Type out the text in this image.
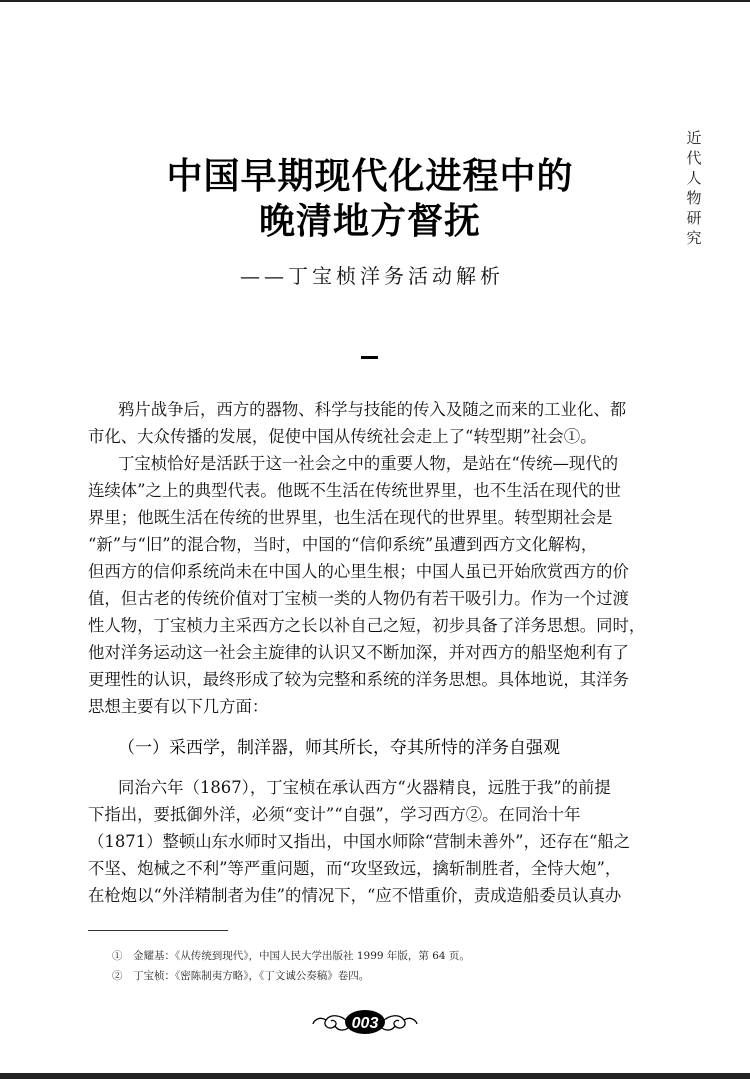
近代人物研究
中国早期现代化进程中的
晚清地方督抚
——丁宝桢洋务活动解析
鸦片战争后，西方的器物、科学与技能的传入及随之而来的工业化、都
市化、大众传播的发展，促使中国从传统社会走上了“转型期”社会①。
丁宝桢恰好是活跃于这一社会之中的重要人物，是站在“传统—现代的
连续体”之上的典型代表。他既不生活在传统世界里，也不生活在现代的世
界里；他既生活在传统的世界里，也生活在现代的世界里。转型期社会是
“新”与“旧”的混合物，当时，中国的“信仰系统”虽遭到西方文化解构，
但西方的信仰系统尚未在中国人的心里生根；中国人虽已开始欣赏西方的价
值，但古老的传统价值对丁宝桢一类的人物仍有若干吸引力。作为一个过渡
性人物，丁宝桢力主采西方之长以补自己之短，初步具备了洋务思想。同时，
他对洋务运动这一社会主旋律的认识又不断加深，并对西方的船坚炮利有了
更理性的认识，最终形成了较为完整和系统的洋务思想。具体地说，其洋务
思想主要有以下几方面：
（一）采西学，制洋器，师其所长，夺其所恃的洋务自强观
同治六年（1867），丁宝桢在承认西方“火器精良，远胜于我”的前提
下指出，要抵御外洋，必须“变计”“自强”，学习西方②。在同治十年
（1871）整顿山东水师时又指出，中国水师除“营制未善外”，还存在“船之
不坚、炮械之不利”等严重问题，而“攻坚致远，擒斩制胜者，全恃大炮”，
在枪炮以“外洋精制者为佳”的情况下，“应不惜重价，责成造船委员认真办
①　金耀基：《从传统到现代》，中国人民大学出版社 1999 年版，第 64 页。
②　丁宝桢：《密陈制夷方略》，《丁文诚公奏稿》卷四。
003
